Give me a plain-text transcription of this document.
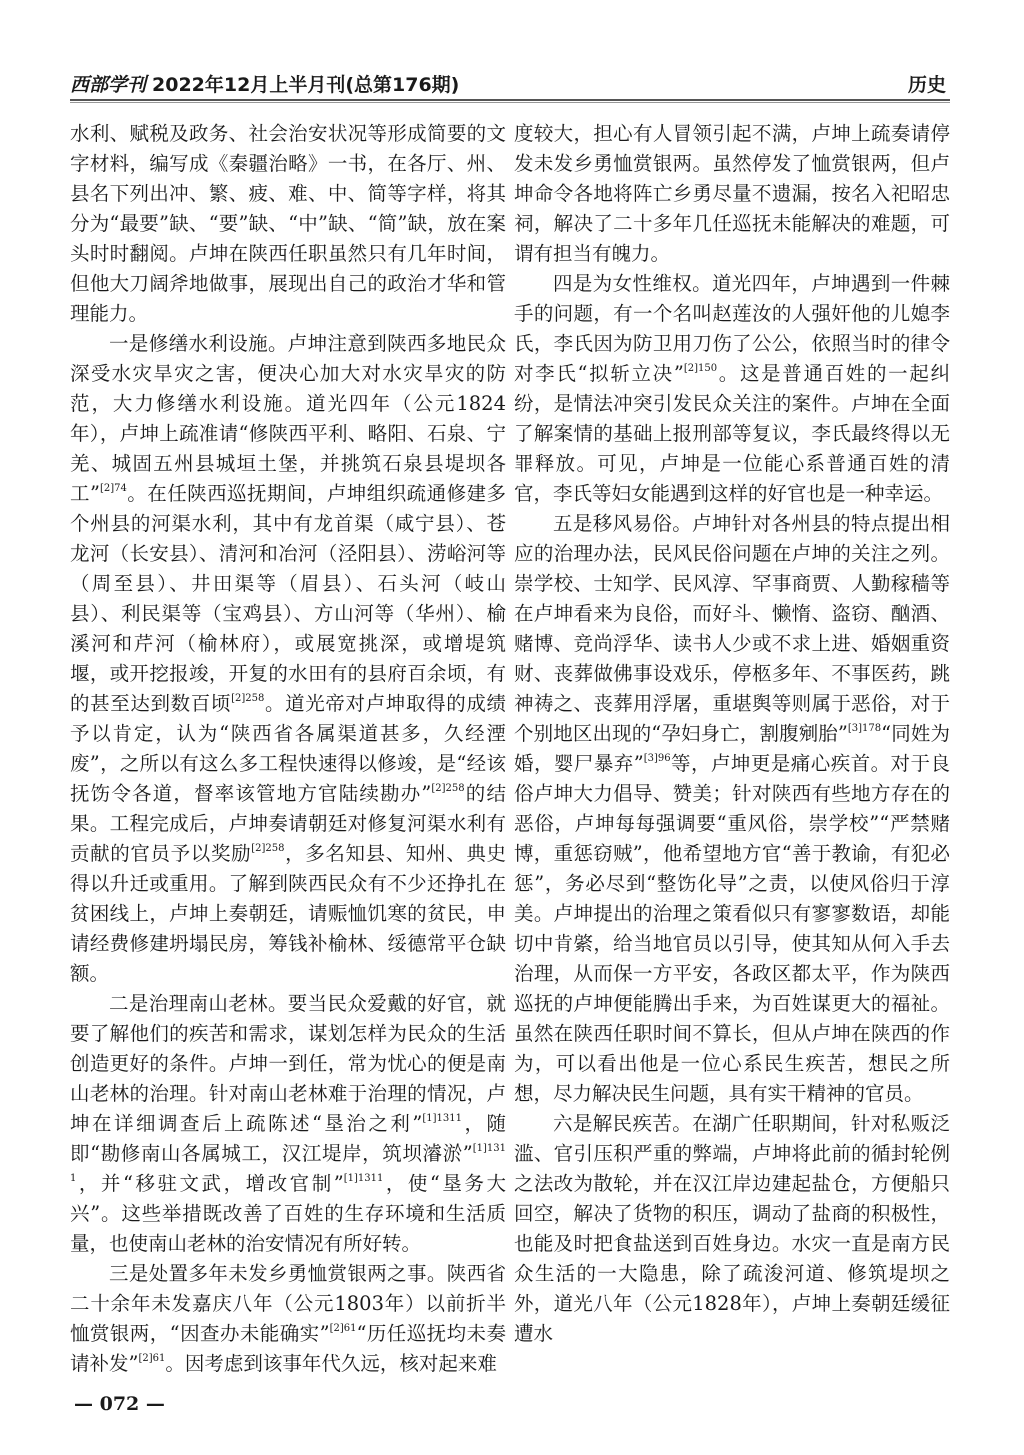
西部学刊 2022年12月上半月刊(总第176期)	历史

水利、赋税及政务、社会治安状况等形成简要的文字材料，编写成《秦疆治略》一书，在各厅、州、县名下列出冲、繁、疲、难、中、简等字样，将其分为“最要”缺、“要”缺、“中”缺、“简”缺，放在案头时时翻阅。卢坤在陕西任职虽然只有几年时间，但他大刀阔斧地做事，展现出自己的政治才华和管理能力。

一是修缮水利设施。卢坤注意到陕西多地民众深受水灾旱灾之害，便决心加大对水灾旱灾的防范，大力修缮水利设施。道光四年（公元1824年），卢坤上疏准请“修陕西平利、略阳、石泉、宁羌、城固五州县城垣土堡，并挑筑石泉县堤坝各工”$^{[2]74}$。在任陕西巡抚期间，卢坤组织疏通修建多个州县的河渠水利，其中有龙首渠（咸宁县）、苍龙河（长安县）、清河和冶河（泾阳县）、涝峪河等（周至县）、井田渠等（眉县）、石头河（岐山县）、利民渠等（宝鸡县）、方山河等（华州）、榆溪河和芹河（榆林府），或展宽挑深，或增堤筑堰，或开挖报竣，开复的水田有的县府百余顷，有的甚至达到数百顷$^{[2]258}$。道光帝对卢坤取得的成绩予以肯定，认为“陕西省各属渠道甚多，久经湮废”，之所以有这么多工程快速得以修竣，是“经该抚饬令各道，督率该管地方官陆续勘办”$^{[2]258}$的结果。工程完成后，卢坤奏请朝廷对修复河渠水利有贡献的官员予以奖励$^{[2]258}$，多名知县、知州、典史得以升迁或重用。了解到陕西民众有不少还挣扎在贫困线上，卢坤上奏朝廷，请赈恤饥寒的贫民，申请经费修建坍塌民房，筹钱补榆林、绥德常平仓缺额。

二是治理南山老林。要当民众爱戴的好官，就要了解他们的疾苦和需求，谋划怎样为民众的生活创造更好的条件。卢坤一到任，常为忧心的便是南山老林的治理。针对南山老林难于治理的情况，卢坤在详细调查后上疏陈述“垦治之利”$^{[1]1311}$，随即“勘修南山各属城工，汉江堤岸，筑坝濬淤”$^{[1]1311}$，并“移驻文武，增改官制”$^{[1]1311}$，使“垦务大兴”。这些举措既改善了百姓的生存环境和生活质量，也使南山老林的治安情况有所好转。

三是处置多年未发乡勇恤赏银两之事。陕西省二十余年未发嘉庆八年（公元1803年）以前折半恤赏银两，“因查办未能确实”$^{[2]61}$“历任巡抚均未奏请补发”$^{[2]61}$。因考虑到该事年代久远，核对起来难

度较大，担心有人冒领引起不满，卢坤上疏奏请停发未发乡勇恤赏银两。虽然停发了恤赏银两，但卢坤命令各地将阵亡乡勇尽量不遗漏，按名入祀昭忠祠，解决了二十多年几任巡抚未能解决的难题，可谓有担当有魄力。

四是为女性维权。道光四年，卢坤遇到一件棘手的问题，有一个名叫赵莲汝的人强奸他的儿媳李氏，李氏因为防卫用刀伤了公公，依照当时的律令对李氏“拟斩立决”$^{[2]150}$。这是普通百姓的一起纠纷，是情法冲突引发民众关注的案件。卢坤在全面了解案情的基础上报刑部等复议，李氏最终得以无罪释放。可见，卢坤是一位能心系普通百姓的清官，李氏等妇女能遇到这样的好官也是一种幸运。

五是移风易俗。卢坤针对各州县的特点提出相应的治理办法，民风民俗问题在卢坤的关注之列。崇学校、士知学、民风淳、罕事商贾、人勤稼穑等在卢坤看来为良俗，而好斗、懒惰、盗窃、酗酒、赌博、竞尚浮华、读书人少或不求上进、婚姻重资财、丧葬做佛事设戏乐，停柩多年、不事医药，跳神祷之、丧葬用浮屠，重堪舆等则属于恶俗，对于个别地区出现的“孕妇身亡，割腹剜胎”$^{[3]178}$“同姓为婚，婴尸暴弃”$^{[3]96}$等，卢坤更是痛心疾首。对于良俗卢坤大力倡导、赞美；针对陕西有些地方存在的恶俗，卢坤每每强调要“重风俗，崇学校”“严禁赌博，重惩窃贼”，他希望地方官“善于教谕，有犯必惩”，务必尽到“整饬化导”之责，以使风俗归于淳美。卢坤提出的治理之策看似只有寥寥数语，却能切中肯綮，给当地官员以引导，使其知从何入手去治理，从而保一方平安，各政区都太平，作为陕西巡抚的卢坤便能腾出手来，为百姓谋更大的福祉。虽然在陕西任职时间不算长，但从卢坤在陕西的作为，可以看出他是一位心系民生疾苦，想民之所想，尽力解决民生问题，具有实干精神的官员。

六是解民疾苦。在湖广任职期间，针对私贩泛滥、官引压积严重的弊端，卢坤将此前的循封轮例之法改为散轮，并在汉江岸边建起盐仓，方便船只回空，解决了货物的积压，调动了盐商的积极性，也能及时把食盐送到百姓身边。水灾一直是南方民众生活的一大隐患，除了疏浚河道、修筑堤坝之外，道光八年（公元1828年），卢坤上奏朝廷缓征遭水

— 072 —
